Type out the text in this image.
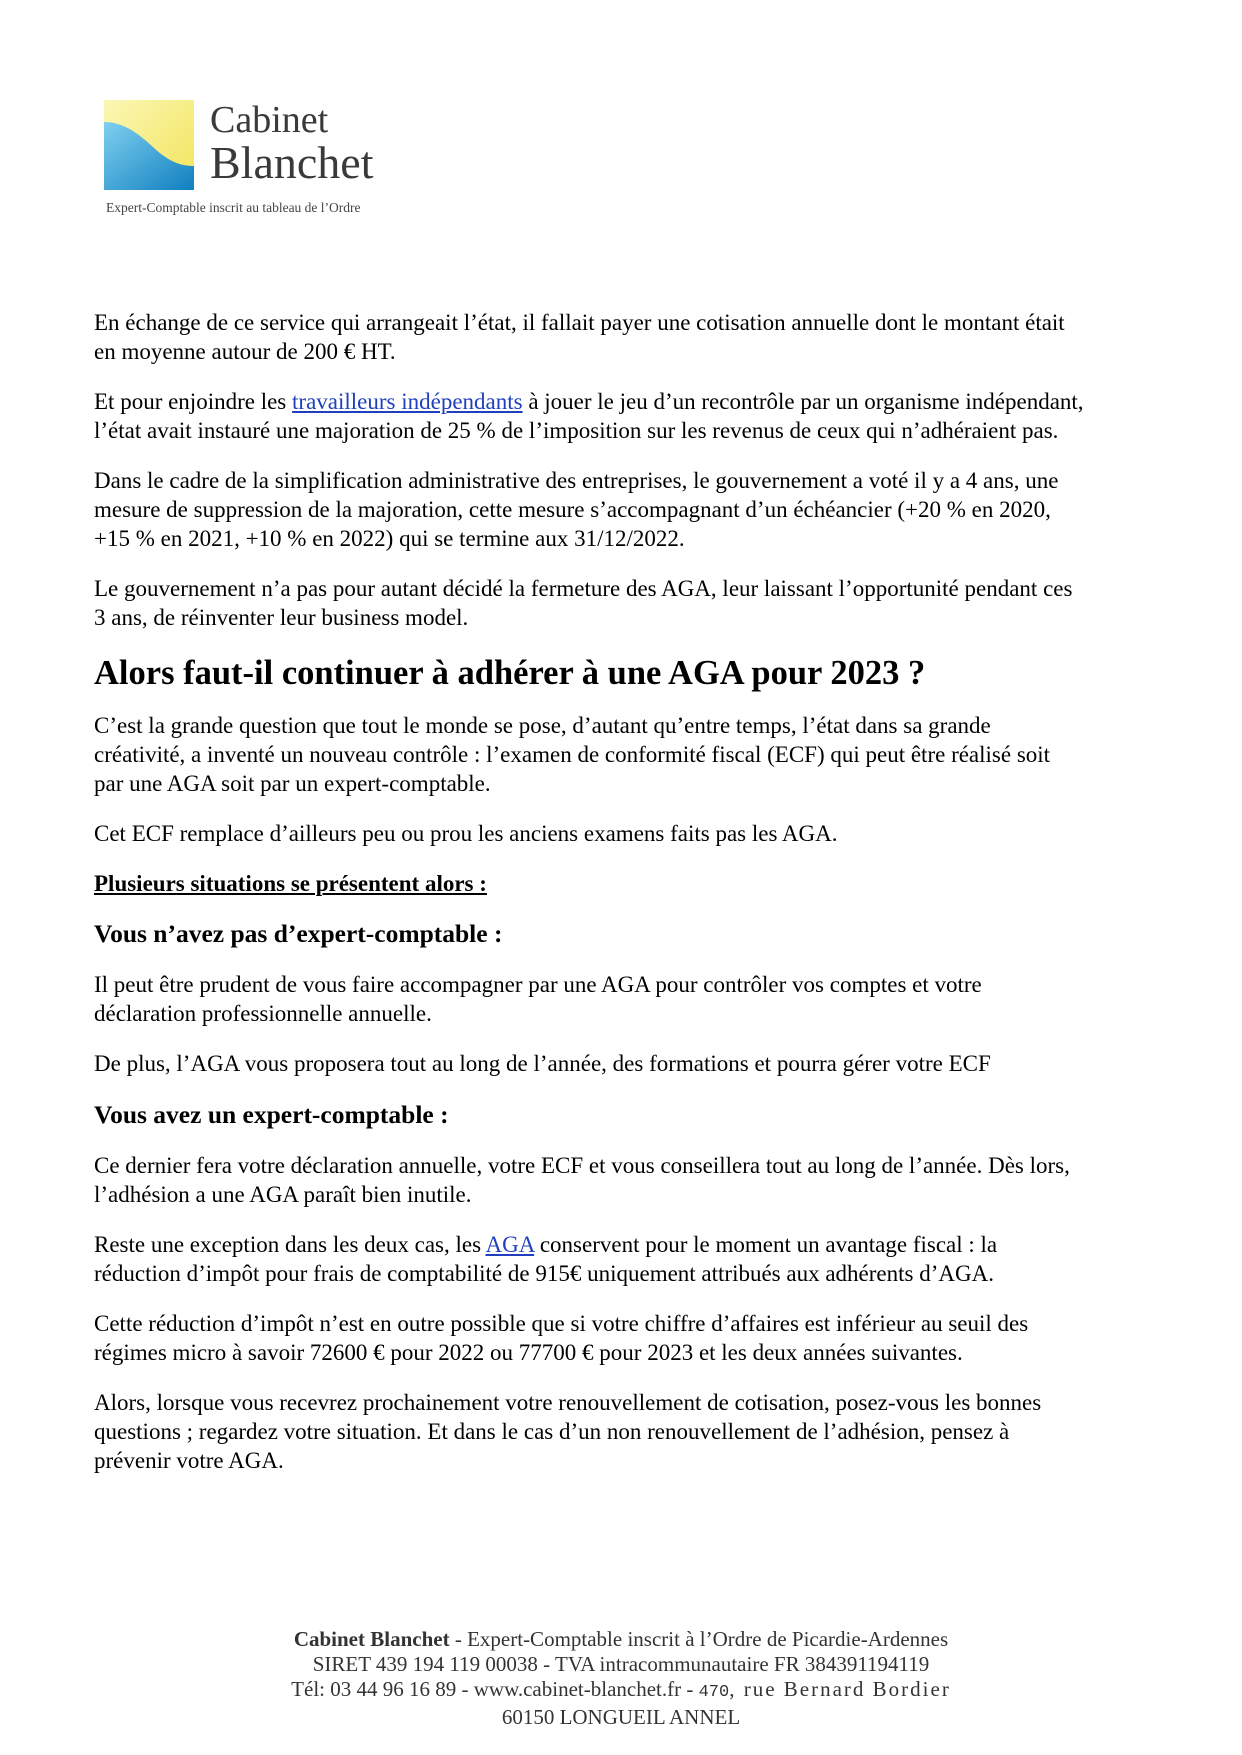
Cabinet
Blanchet
Expert-Comptable inscrit au tableau de l’Ordre

En échange de ce service qui arrangeait l’état, il fallait payer une cotisation annuelle dont le montant était en moyenne autour de 200 € HT.

Et pour enjoindre les travailleurs indépendants à jouer le jeu d’un recontrôle par un organisme indépendant, l’état avait instauré une majoration de 25 % de l’imposition sur les revenus de ceux qui n’adhéraient pas.

Dans le cadre de la simplification administrative des entreprises, le gouvernement a voté il y a 4 ans, une mesure de suppression de la majoration, cette mesure s’accompagnant d’un échéancier (+20 % en 2020, +15 % en 2021, +10 % en 2022) qui se termine aux 31/12/2022.

Le gouvernement n’a pas pour autant décidé la fermeture des AGA, leur laissant l’opportunité pendant ces 3 ans, de réinventer leur business model.

Alors faut-il continuer à adhérer à une AGA pour 2023 ?

C’est la grande question que tout le monde se pose, d’autant qu’entre temps, l’état dans sa grande créativité, a inventé un nouveau contrôle : l’examen de conformité fiscal (ECF) qui peut être réalisé soit par une AGA soit par un expert-comptable.

Cet ECF remplace d’ailleurs peu ou prou les anciens examens faits pas les AGA.

Plusieurs situations se présentent alors :
Vous n’avez pas d’expert-comptable :

Il peut être prudent de vous faire accompagner par une AGA pour contrôler vos comptes et votre déclaration professionnelle annuelle.

De plus, l’AGA vous proposera tout au long de l’année, des formations et pourra gérer votre ECF

Vous avez un expert-comptable :

Ce dernier fera votre déclaration annuelle, votre ECF et vous conseillera tout au long de l’année. Dès lors, l’adhésion a une AGA paraît bien inutile.

Reste une exception dans les deux cas, les AGA conservent pour le moment un avantage fiscal : la réduction d’impôt pour frais de comptabilité de 915€ uniquement attribués aux adhérents d’AGA.

Cette réduction d’impôt n’est en outre possible que si votre chiffre d’affaires est inférieur au seuil des régimes micro à savoir 72600 € pour 2022 ou 77700 € pour 2023 et les deux années suivantes.

Alors, lorsque vous recevrez prochainement votre renouvellement de cotisation, posez-vous les bonnes questions ; regardez votre situation. Et dans le cas d’un non renouvellement de l’adhésion, pensez à prévenir votre AGA.

Cabinet Blanchet - Expert-Comptable inscrit à l’Ordre de Picardie-Ardennes
SIRET 439 194 119 00038 - TVA intracommunautaire FR 384391194119
Tél: 03 44 96 16 89 - www.cabinet-blanchet.fr - 470, rue Bernard Bordier
60150 LONGUEIL ANNEL
